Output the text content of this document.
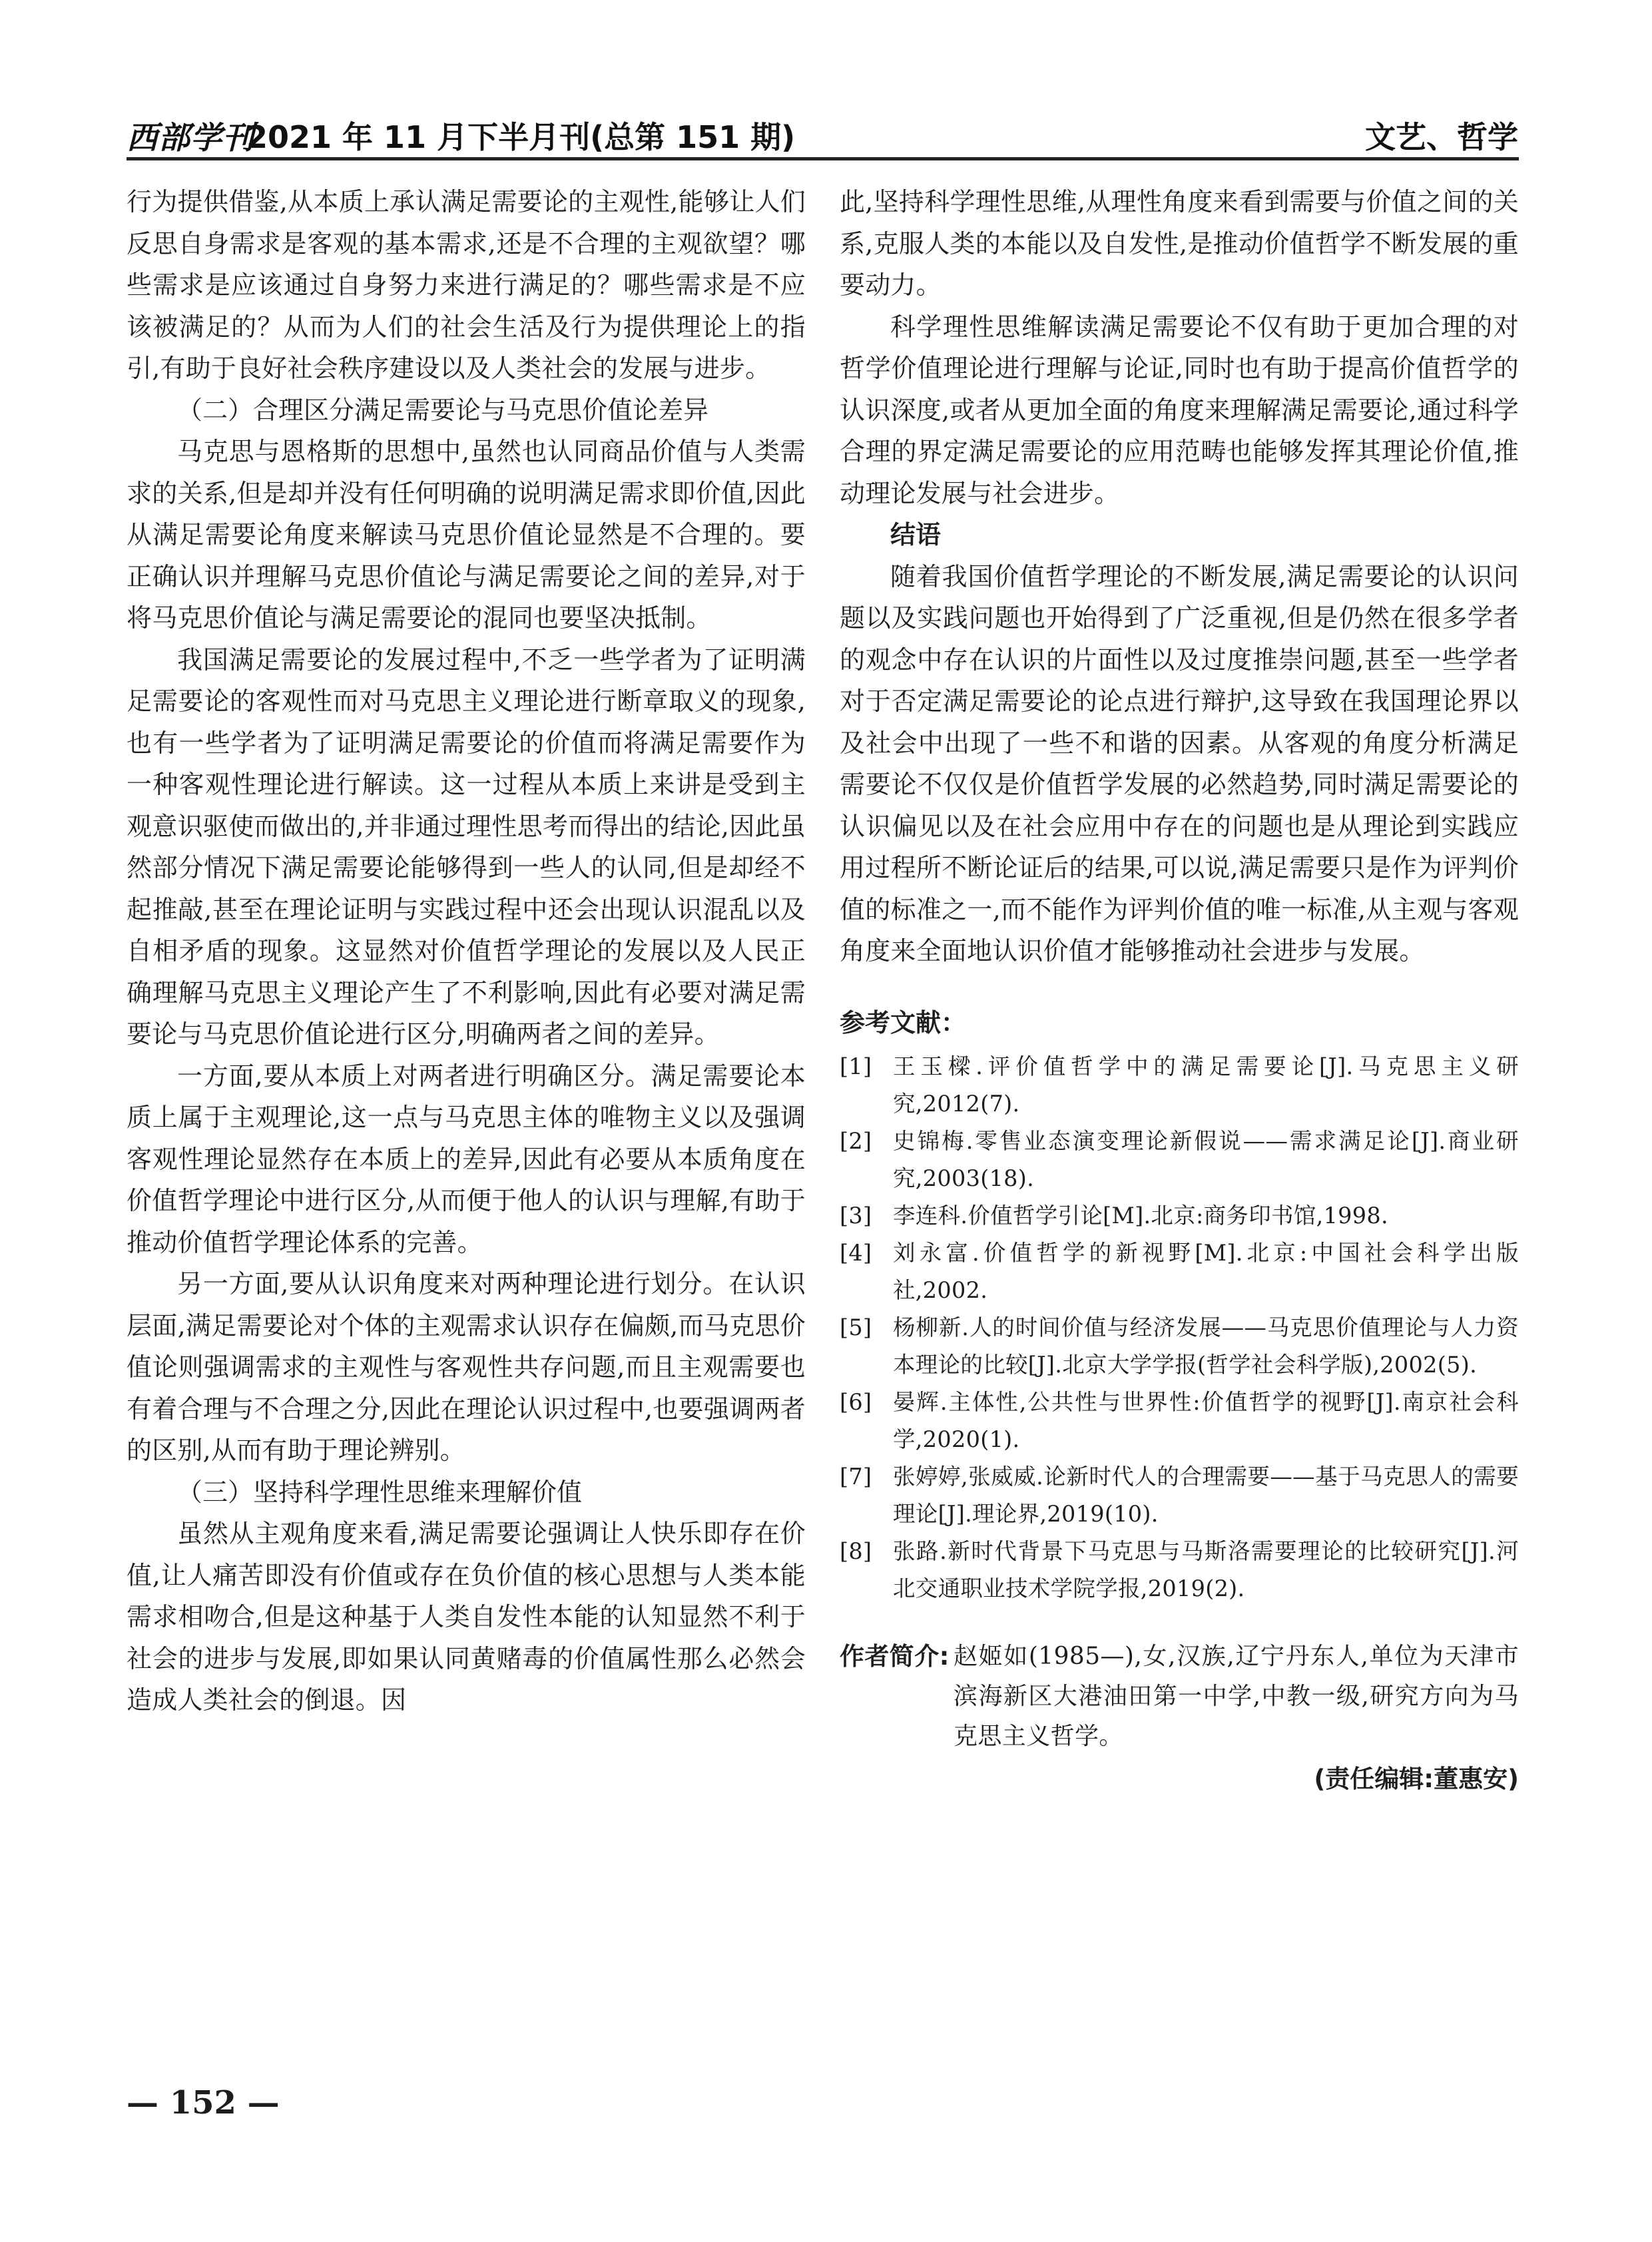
西部学刊
2021 年 11 月下半月刊(总第 151 期)	文艺、哲学

行为提供借鉴,从本质上承认满足需要论的主观性,能够让人们反思自身需求是客观的基本需求,还是不合理的主观欲望？哪些需求是应该通过自身努力来进行满足的？哪些需求是不应该被满足的？从而为人们的社会生活及行为提供理论上的指引,有助于良好社会秩序建设以及人类社会的发展与进步。

（二）合理区分满足需要论与马克思价值论差异

马克思与恩格斯的思想中,虽然也认同商品价值与人类需求的关系,但是却并没有任何明确的说明满足需求即价值,因此从满足需要论角度来解读马克思价值论显然是不合理的。要正确认识并理解马克思价值论与满足需要论之间的差异,对于将马克思价值论与满足需要论的混同也要坚决抵制。

我国满足需要论的发展过程中,不乏一些学者为了证明满足需要论的客观性而对马克思主义理论进行断章取义的现象,也有一些学者为了证明满足需要论的价值而将满足需要作为一种客观性理论进行解读。这一过程从本质上来讲是受到主观意识驱使而做出的,并非通过理性思考而得出的结论,因此虽然部分情况下满足需要论能够得到一些人的认同,但是却经不起推敲,甚至在理论证明与实践过程中还会出现认识混乱以及自相矛盾的现象。这显然对价值哲学理论的发展以及人民正确理解马克思主义理论产生了不利影响,因此有必要对满足需要论与马克思价值论进行区分,明确两者之间的差异。

一方面,要从本质上对两者进行明确区分。满足需要论本质上属于主观理论,这一点与马克思主体的唯物主义以及强调客观性理论显然存在本质上的差异,因此有必要从本质角度在价值哲学理论中进行区分,从而便于他人的认识与理解,有助于推动价值哲学理论体系的完善。

另一方面,要从认识角度来对两种理论进行划分。在认识层面,满足需要论对个体的主观需求认识存在偏颇,而马克思价值论则强调需求的主观性与客观性共存问题,而且主观需要也有着合理与不合理之分,因此在理论认识过程中,也要强调两者的区别,从而有助于理论辨别。

（三）坚持科学理性思维来理解价值

虽然从主观角度来看,满足需要论强调让人快乐即存在价值,让人痛苦即没有价值或存在负价值的核心思想与人类本能需求相吻合,但是这种基于人类自发性本能的认知显然不利于社会的进步与发展,即如果认同黄赌毒的价值属性那么必然会造成人类社会的倒退。因

此,坚持科学理性思维,从理性角度来看到需要与价值之间的关系,克服人类的本能以及自发性,是推动价值哲学不断发展的重要动力。

科学理性思维解读满足需要论不仅有助于更加合理的对哲学价值理论进行理解与论证,同时也有助于提高价值哲学的认识深度,或者从更加全面的角度来理解满足需要论,通过科学合理的界定满足需要论的应用范畴也能够发挥其理论价值,推动理论发展与社会进步。

结语

随着我国价值哲学理论的不断发展,满足需要论的认识问题以及实践问题也开始得到了广泛重视,但是仍然在很多学者的观念中存在认识的片面性以及过度推崇问题,甚至一些学者对于否定满足需要论的论点进行辩护,这导致在我国理论界以及社会中出现了一些不和谐的因素。从客观的角度分析满足需要论不仅仅是价值哲学发展的必然趋势,同时满足需要论的认识偏见以及在社会应用中存在的问题也是从理论到实践应用过程所不断论证后的结果,可以说,满足需要只是作为评判价值的标准之一,而不能作为评判价值的唯一标准,从主观与客观角度来全面地认识价值才能够推动社会进步与发展。

参考文献：
[1] 王玉樑.评价值哲学中的满足需要论[J].马克思主义研究,2012(7).
[2] 史锦梅.零售业态演变理论新假说——需求满足论[J].商业研究,2003(18).
[3] 李连科.价值哲学引论[M].北京:商务印书馆,1998.
[4] 刘永富.价值哲学的新视野[M].北京:中国社会科学出版社,2002.
[5] 杨柳新.人的时间价值与经济发展——马克思价值理论与人力资本理论的比较[J].北京大学学报(哲学社会科学版),2002(5).
[6] 晏辉.主体性,公共性与世界性:价值哲学的视野[J].南京社会科学,2020(1).
[7] 张婷婷,张威威.论新时代人的合理需要——基于马克思人的需要理论[J].理论界,2019(10).
[8] 张路.新时代背景下马克思与马斯洛需要理论的比较研究[J].河北交通职业技术学院学报,2019(2).
作者简介: 赵姬如(1985—),女,汉族,辽宁丹东人,单位为天津市滨海新区大港油田第一中学,中教一级,研究方向为马克思主义哲学。
(责任编辑:董惠安)
— 152 —
